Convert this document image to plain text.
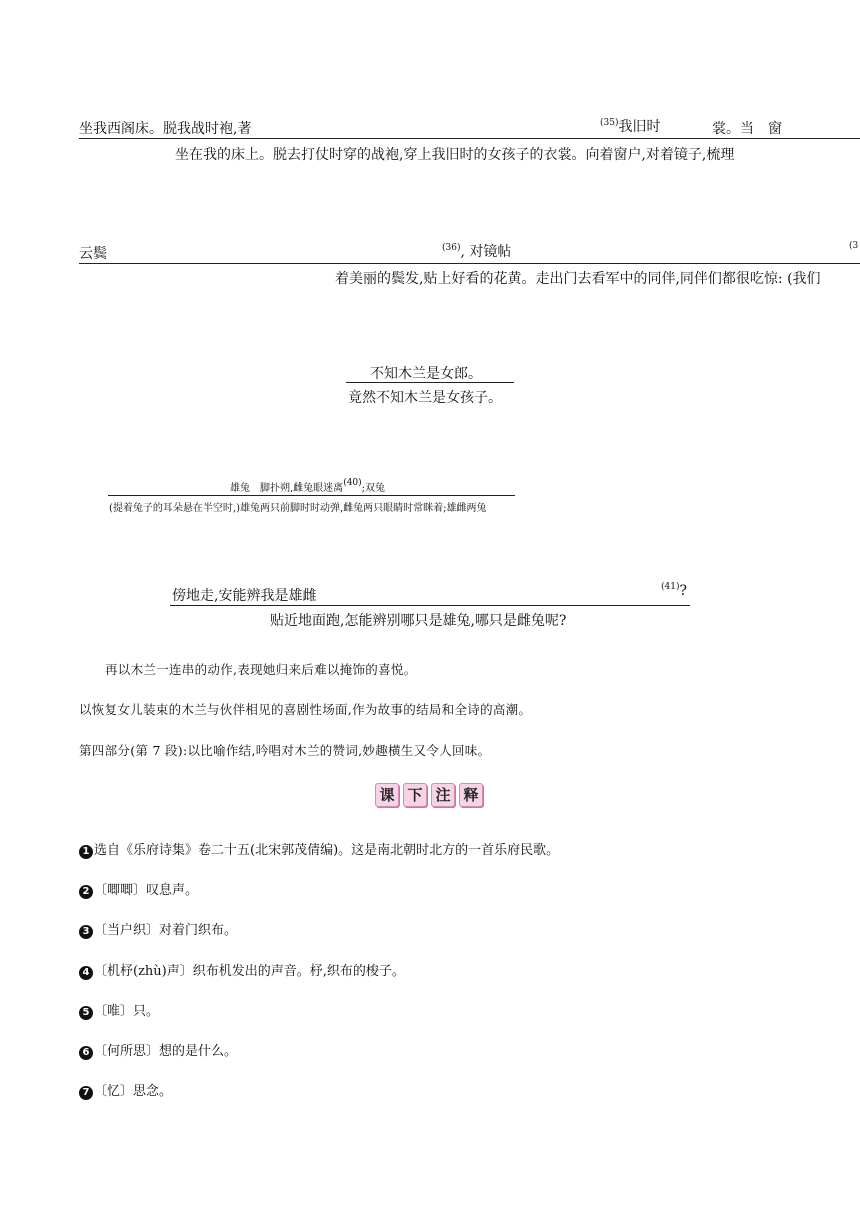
坐我西阁床。脱我战时袍,著	$^{(35)}$我旧时	裳。当　窗
坐在我的床上。脱去打仗时穿的战袍,穿上我旧时的女孩子的衣裳。向着窗户,对着镜子,梳理
云鬓	$^{(36)}$, 对镜帖	$^{(3}$
着美丽的鬓发,贴上好看的花黄。走出门去看军中的同伴,同伴们都很吃惊: (我们
不知木兰是女郎。
竟然不知木兰是女孩子。
雄兔　脚扑朔,雌兔眼迷离$^{(40)}$;双兔
(提着兔子的耳朵悬在半空时,)雄兔两只前脚时时动弹,雌兔两只眼睛时常眯着;雄雌两兔
傍地走,安能辨我是雄雌
$^{(41)}$?
贴近地面跑,怎能辨别哪只是雄兔,哪只是雌兔呢?
再以木兰一连串的动作,表现她归来后难以掩饰的喜悦。
以恢复女儿装束的木兰与伙伴相见的喜剧性场面,作为故事的结局和全诗的高潮。
第四部分(第 7 段):以比喻作结,吟唱对木兰的赞词,妙趣横生又令人回味。
课 下 注 释
1 选自《乐府诗集》卷二十五(北宋郭茂倩编)。这是南北朝时北方的一首乐府民歌。
2 〔唧唧〕叹息声。
3 〔当户织〕对着门织布。
4 〔机杼(zhù)声〕织布机发出的声音。杼,织布的梭子。
5 〔唯〕只。
6 〔何所思〕想的是什么。
7 〔忆〕思念。
